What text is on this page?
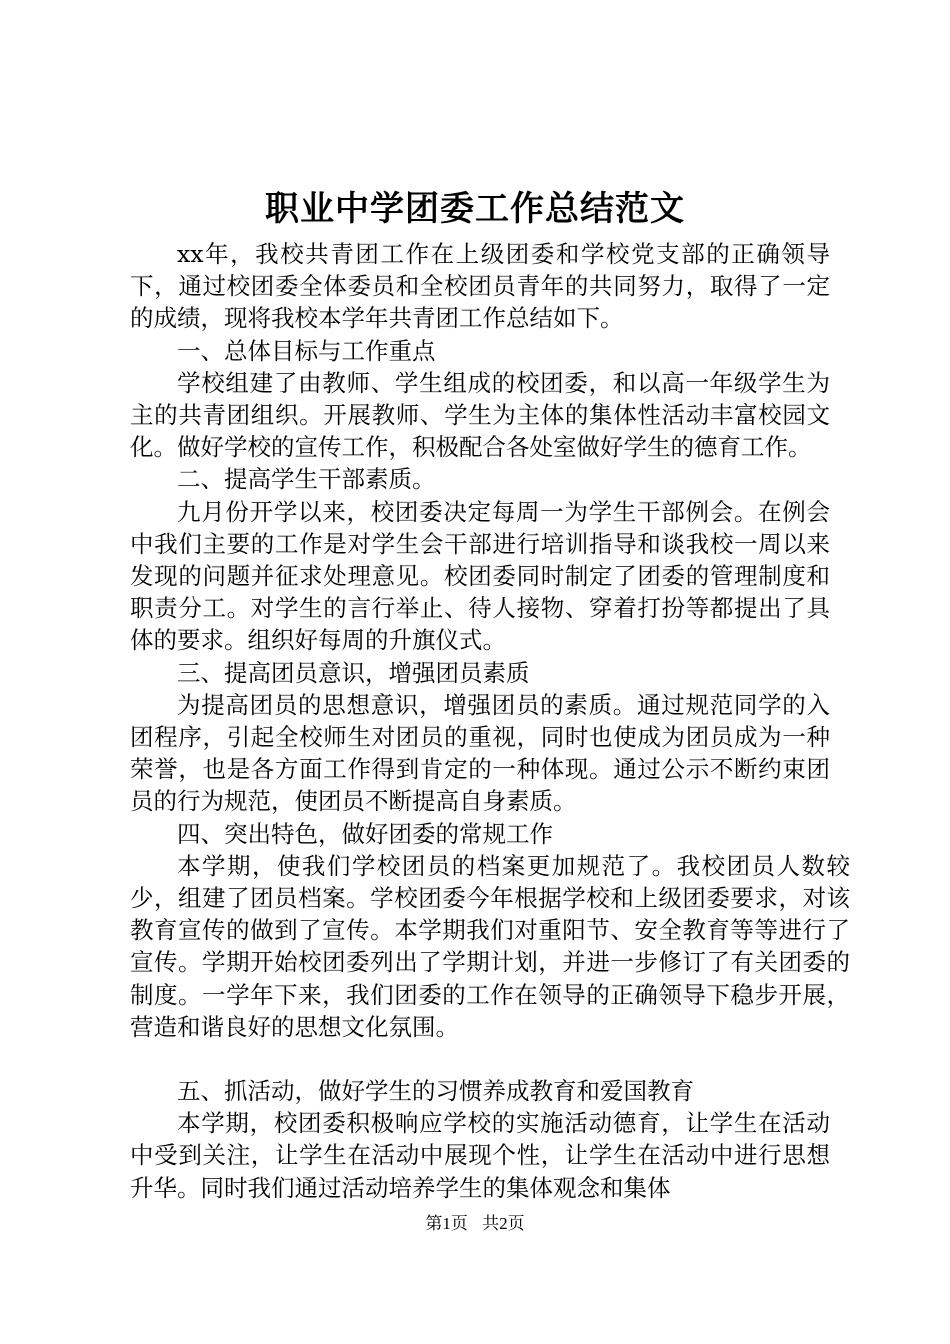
职业中学团委工作总结范文

xx年，我校共青团工作在上级团委和学校党支部的正确领导下，通过校团委全体委员和全校团员青年的共同努力，取得了一定的成绩，现将我校本学年共青团工作总结如下。

一、总体目标与工作重点

学校组建了由教师、学生组成的校团委，和以高一年级学生为主的共青团组织。开展教师、学生为主体的集体性活动丰富校园文化。做好学校的宣传工作，积极配合各处室做好学生的德育工作。

二、提高学生干部素质。

九月份开学以来，校团委决定每周一为学生干部例会。在例会中我们主要的工作是对学生会干部进行培训指导和谈我校一周以来发现的问题并征求处理意见。校团委同时制定了团委的管理制度和职责分工。对学生的言行举止、待人接物、穿着打扮等都提出了具体的要求。组织好每周的升旗仪式。

三、提高团员意识，增强团员素质

为提高团员的思想意识，增强团员的素质。通过规范同学的入团程序，引起全校师生对团员的重视，同时也使成为团员成为一种荣誉，也是各方面工作得到肯定的一种体现。通过公示不断约束团员的行为规范，使团员不断提高自身素质。

四、突出特色，做好团委的常规工作

本学期，使我们学校团员的档案更加规范了。我校团员人数较少，组建了团员档案。学校团委今年根据学校和上级团委要求，对该教育宣传的做到了宣传。本学期我们对重阳节、安全教育等等进行了宣传。学期开始校团委列出了学期计划，并进一步修订了有关团委的制度。一学年下来，我们团委的工作在领导的正确领导下稳步开展，营造和谐良好的思想文化氛围。

五、抓活动，做好学生的习惯养成教育和爱国教育

本学期，校团委积极响应学校的实施活动德育，让学生在活动中受到关注，让学生在活动中展现个性，让学生在活动中进行思想升华。同时我们通过活动培养学生的集体观念和集体

第1页 共2页
